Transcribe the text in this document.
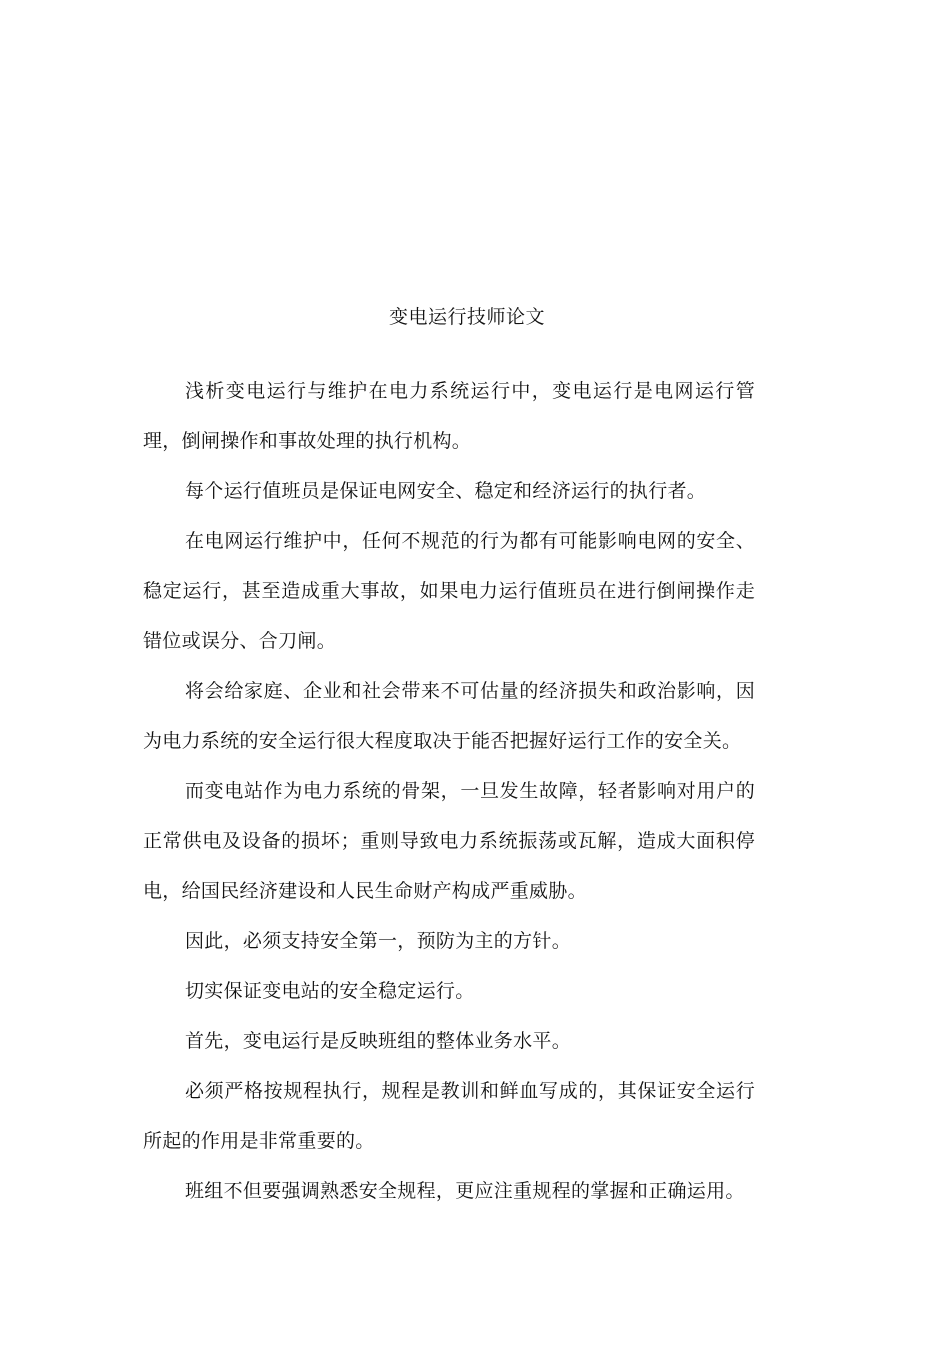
变电运行技师论文

浅析变电运行与维护在电力系统运行中，变电运行是电网运行管理，倒闸操作和事故处理的执行机构。

每个运行值班员是保证电网安全、稳定和经济运行的执行者。

在电网运行维护中，任何不规范的行为都有可能影响电网的安全、稳定运行，甚至造成重大事故，如果电力运行值班员在进行倒闸操作走错位或误分、合刀闸。

将会给家庭、企业和社会带来不可估量的经济损失和政治影响，因为电力系统的安全运行很大程度取决于能否把握好运行工作的安全关。

而变电站作为电力系统的骨架，一旦发生故障，轻者影响对用户的正常供电及设备的损坏；重则导致电力系统振荡或瓦解，造成大面积停电，给国民经济建设和人民生命财产构成严重威胁。

因此，必须支持安全第一，预防为主的方针。

切实保证变电站的安全稳定运行。

首先，变电运行是反映班组的整体业务水平。

必须严格按规程执行，规程是教训和鲜血写成的，其保证安全运行所起的作用是非常重要的。

班组不但要强调熟悉安全规程，更应注重规程的掌握和正确运用。
